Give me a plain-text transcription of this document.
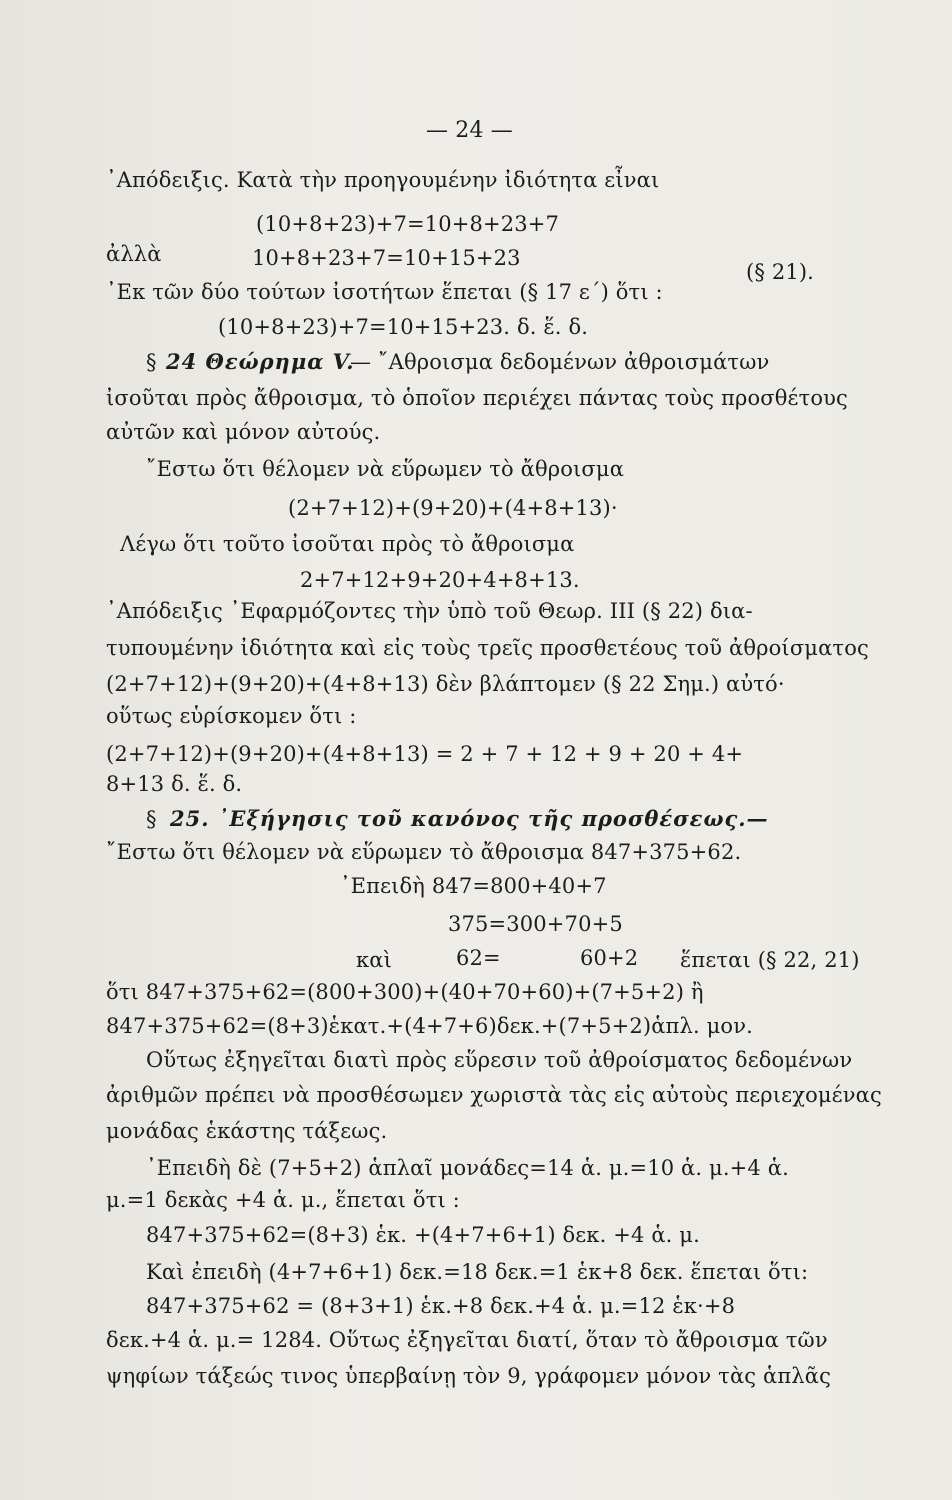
— 24 —
᾿Απόδειξις. Κατὰ τὴν προηγουμένην ἰδιότητα εἶναι
(10+8+23)+7=10+8+23+7
ἀλλὰ	10+8+23+7=10+15+23
(§ 21).
᾿Εκ τῶν δύο τούτων ἰσοτήτων ἕπεται (§ 17 ε΄) ὅτι :
(10+8+23)+7=10+15+23. δ. ἕ. δ.
§ 24 Θεώρημα V.
— ῎Αθροισμα δεδομένων ἀθροισμάτων
ἰσοῦται πρὸς ἄθροισμα, τὸ ὁποῖον περιέχει πάντας τοὺς προσθέτους
αὐτῶν καὶ μόνον αὐτούς.
῎Εστω ὅτι θέλομεν νὰ εὕρωμεν τὸ ἄθροισμα
(2+7+12)+(9+20)+(4+8+13)·
Λέγω ὅτι τοῦτο ἰσοῦται πρὸς τὸ ἄθροισμα
2+7+12+9+20+4+8+13.
᾿Απόδειξις ᾿Εφαρμόζοντες τὴν ὑπὸ τοῦ Θεωρ. III (§ 22) δια-
τυπουμένην ἰδιότητα καὶ εἰς τοὺς τρεῖς προσθετέους τοῦ ἀθροίσματος
(2+7+12)+(9+20)+(4+8+13) δὲν βλάπτομεν (§ 22 Σημ.) αὐτό·
οὕτως εὑρίσκομεν ὅτι :
(2+7+12)+(9+20)+(4+8+13) = 2 + 7 + 12 + 9 + 20 + 4+
8+13 δ. ἕ. δ.
§ 25. ᾿Εξήγησις τοῦ κανόνος τῆς προσθέσεως.—
῎Εστω ὅτι θέλομεν νὰ εὕρωμεν τὸ ἄθροισμα 847+375+62.
᾿Επειδὴ 847=800+40+7
375=300+70+5
καὶ	62=	60+2 ἕπεται (§ 22, 21)
ὅτι 847+375+62=(800+300)+(40+70+60)+(7+5+2) ἢ
847+375+62=(8+3)ἑκατ.+(4+7+6)δεκ.+(7+5+2)ἁπλ. μον.
Οὕτως ἐξηγεῖται διατὶ πρὸς εὕρεσιν τοῦ ἀθροίσματος δεδομένων
ἀριθμῶν πρέπει νὰ προσθέσωμεν χωριστὰ τὰς εἰς αὐτοὺς περιεχομένας
μονάδας ἑκάστης τάξεως.
᾿Επειδὴ δὲ (7+5+2) ἁπλαῖ μονάδες=14 ἁ. μ.=10 ἁ. μ.+4 ἁ.
μ.=1 δεκὰς +4 ἁ. μ., ἕπεται ὅτι :
847+375+62=(8+3) ἑκ. +(4+7+6+1) δεκ. +4 ἁ. μ.
Καὶ ἐπειδὴ (4+7+6+1) δεκ.=18 δεκ.=1 ἑκ+8 δεκ. ἕπεται ὅτι:
847+375+62 = (8+3+1) ἑκ.+8 δεκ.+4 ἁ. μ.=12 ἑκ·+8
δεκ.+4 ἁ. μ.= 1284. Οὕτως ἐξηγεῖται διατί, ὅταν τὸ ἄθροισμα τῶν
ψηφίων τάξεώς τινος ὑπερβαίνῃ τὸν 9, γράφομεν μόνον τὰς ἁπλᾶς
